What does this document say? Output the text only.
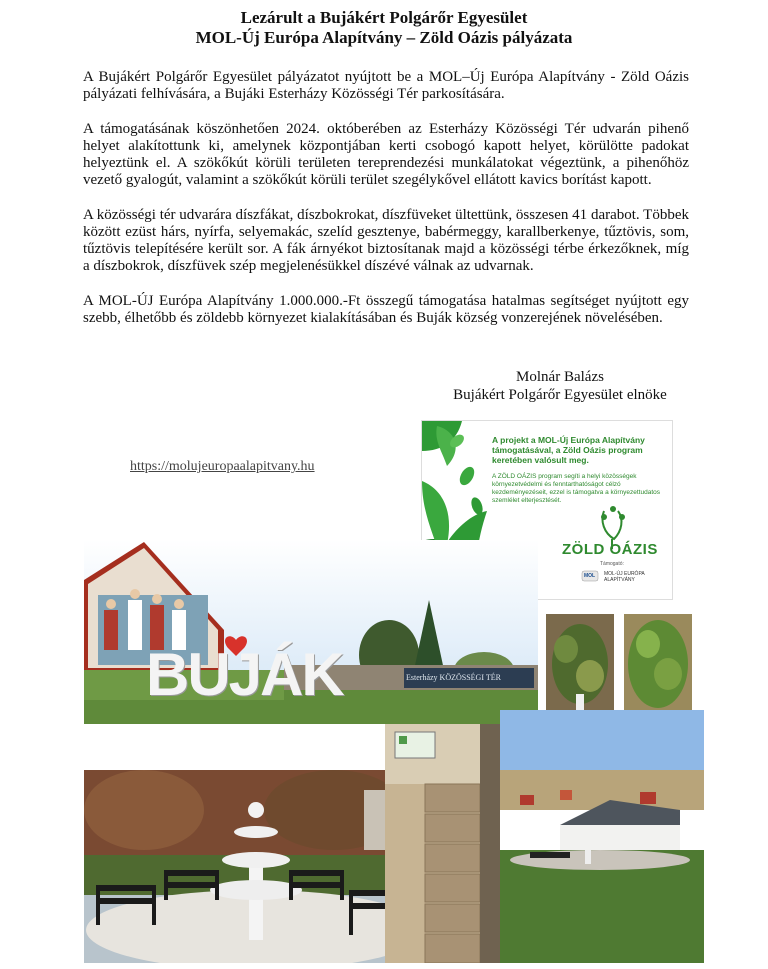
Lezárult a Bujákért Polgárőr Egyesület
MOL-Új Európa Alapítvány – Zöld Oázis pályázata
A Bujákért Polgárőr Egyesület pályázatot nyújtott be a MOL–Új Európa Alapítvány - Zöld Oázis pályázati felhívására, a Bujáki Esterházy Közösségi Tér parkosítására.
A támogatásának köszönhetően 2024. októberében az Esterházy Közösségi Tér udvarán pihenő helyet alakítottunk ki, amelynek központjában kerti csobogó kapott helyet, körülötte padokat helyeztünk el. A szökőkút körüli területen tereprendezési munkálatokat végeztünk, a pihenőhöz vezető gyalogút, valamint a szökőkút körüli terület szegélykővel ellátott kavics borítást kapott.
A közösségi tér udvarára díszfákat, díszbokrokat, díszfüveket ültettünk, összesen 41 darabot. Többek között ezüst hárs, nyírfa, selyemakác, szelíd gesztenye, babérmeggy, karallberkenye, tűztövis, som, tűztövis telepítésére került sor. A fák árnyékot biztosítanak majd a közösségi térbe érkezőknek, míg a díszbokrok, díszfüvek szép megjelenésükkel díszévé válnak az udvarnak.
A MOL-ÚJ Európa Alapítvány 1.000.000.-Ft összegű támogatása hatalmas segítséget nyújtott egy szebb, élhetőbb és zöldebb környezet kialakításában és Buják község vonzerejének növelésében.
Molnár Balázs
Bujákért Polgárőr Egyesület elnöke
https://molujeuropaalapitvany.hu
A projekt a MOL-Új Európa Alapítvány támogatásával, a Zöld Oázis program keretében valósult meg.
A ZÖLD OÁZIS program segíti a helyi közösségek környezetvédelmi és fenntarthatóságot célzó kezdeményezéseit, ezzel is támogatva a környezettudatos szemlélet elterjesztését.
ZÖLD OÁZIS
Támogató:
MOL MOL-ÚJ EURÓPA ALAPÍTVÁNY
BUJÁK	Esterházy KÖZÖSSÉGI TÉR
